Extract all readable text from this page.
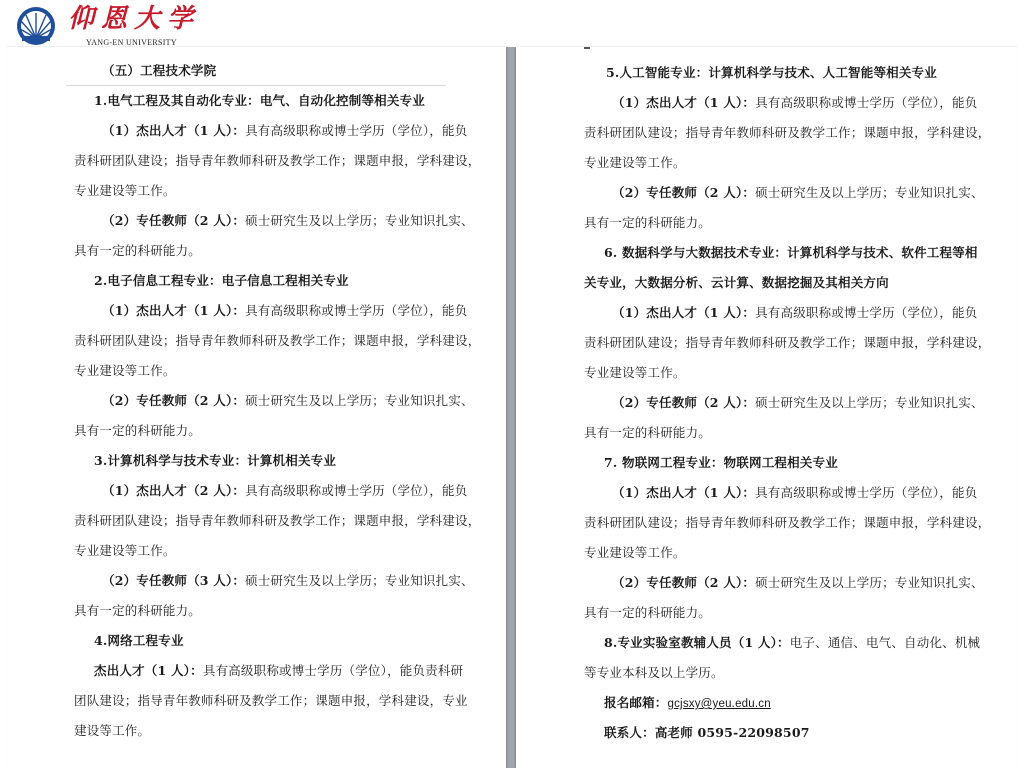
仰恩大学
YANG-EN UNIVERSITY
（五）工程技术学院
1.电气工程及其自动化专业：电气、自动化控制等相关专业
（1）杰出人才（1 人）：具有高级职称或博士学历（学位），能负
责科研团队建设；指导青年教师科研及教学工作；课题申报，学科建设，
专业建设等工作。
（2）专任教师（2 人）：硕士研究生及以上学历；专业知识扎实、
具有一定的科研能力。
2.电子信息工程专业：电子信息工程相关专业
（1）杰出人才（1 人）：具有高级职称或博士学历（学位），能负
责科研团队建设；指导青年教师科研及教学工作；课题申报，学科建设，
专业建设等工作。
（2）专任教师（2 人）：硕士研究生及以上学历；专业知识扎实、
具有一定的科研能力。
3.计算机科学与技术专业：计算机相关专业
（1）杰出人才（2 人）：具有高级职称或博士学历（学位），能负
责科研团队建设；指导青年教师科研及教学工作；课题申报，学科建设，
专业建设等工作。
（2）专任教师（3 人）：硕士研究生及以上学历；专业知识扎实、
具有一定的科研能力。
4.网络工程专业
杰出人才（1 人）：具有高级职称或博士学历（学位），能负责科研
团队建设；指导青年教师科研及教学工作；课题申报，学科建设，专业
建设等工作。
5.人工智能专业：计算机科学与技术、人工智能等相关专业
（1）杰出人才（1 人）：具有高级职称或博士学历（学位），能负
责科研团队建设；指导青年教师科研及教学工作；课题申报，学科建设，
专业建设等工作。
（2）专任教师（2 人）：硕士研究生及以上学历；专业知识扎实、
具有一定的科研能力。
6. 数据科学与大数据技术专业：计算机科学与技术、软件工程等相
关专业，大数据分析、云计算、数据挖掘及其相关方向
（1）杰出人才（1 人）：具有高级职称或博士学历（学位），能负
责科研团队建设；指导青年教师科研及教学工作；课题申报，学科建设，
专业建设等工作。
（2）专任教师（2 人）：硕士研究生及以上学历；专业知识扎实、
具有一定的科研能力。
7. 物联网工程专业：物联网工程相关专业
（1）杰出人才（1 人）：具有高级职称或博士学历（学位），能负
责科研团队建设；指导青年教师科研及教学工作；课题申报，学科建设，
专业建设等工作。
（2）专任教师（2 人）：硕士研究生及以上学历；专业知识扎实、
具有一定的科研能力。
8.专业实验室教辅人员（1 人）：电子、通信、电气、自动化、机械
等专业本科及以上学历。
报名邮箱：gcjsxy@yeu.edu.cn
联系人：高老师 0595-22098507
